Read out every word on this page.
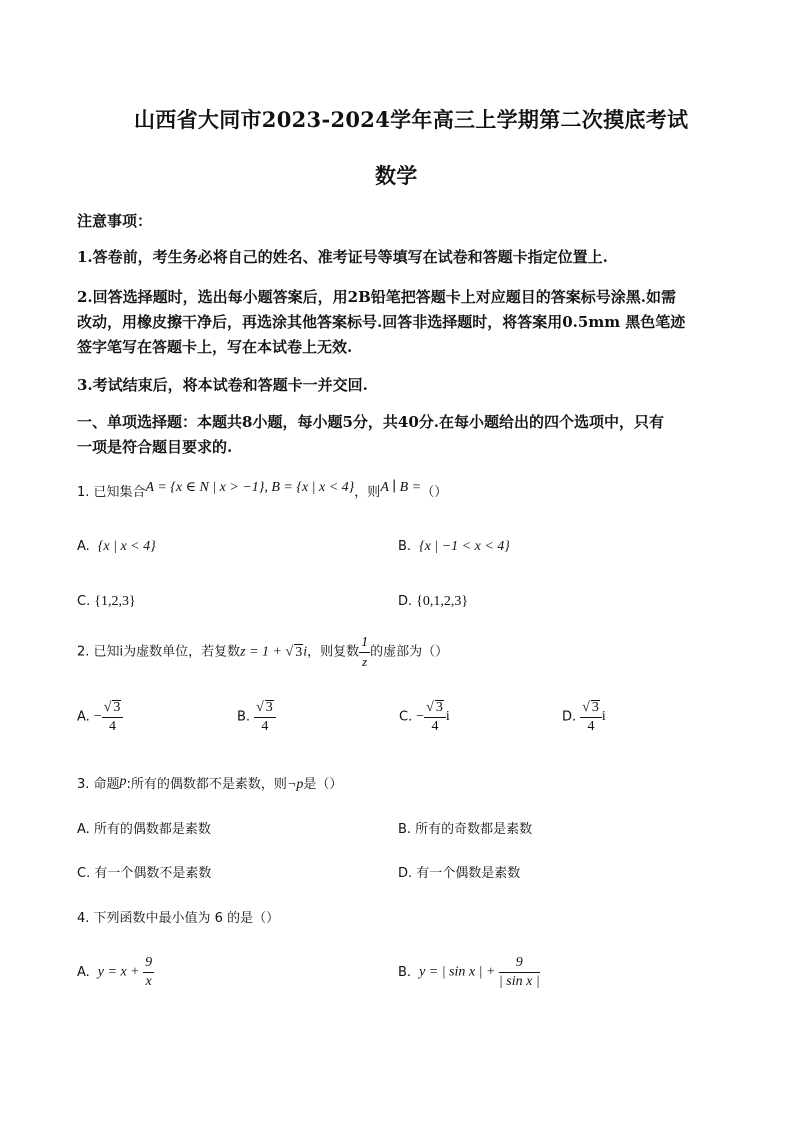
山西省大同市2023-2024学年高三上学期第二次摸底考试
数学
注意事项：
1.答卷前，考生务必将自己的姓名、准考证号等填写在试卷和答题卡指定位置上.
2.回答选择题时，选出每小题答案后，用2B铅笔把答题卡上对应题目的答案标号涂黑.如需
改动，用橡皮擦干净后，再选涂其他答案标号.回答非选择题时，将答案用0.5mm 黑色笔迹
签字笔写在答题卡上，写在本试卷上无效.
3.考试结束后，将本试卷和答题卡一并交回.
一、单项选择题：本题共8小题，每小题5分，共40分.在每小题给出的四个选项中，只有
一项是符合题目要求的.
1. 已知集合A = {x ∈ N | x > −1}, B = {x | x < 4}，则A ∣ B =（）
A. {x | x < 4}	B. {x | −1 < x < 4}
C. {1,2,3}	D. {0,1,2,3}
2. 已知i为虚数单位，若复数z = 1 + √ 3i，则复数 $\frac{1}{z}$ 的虚部为（）
A. − $\frac{√ 3}{4}$	B. $\frac{√ 3}{4}$	C. − $\frac{√ 3}{4}$ i	D. $\frac{√ 3}{4}$ i
3. 命题p:所有的偶数都不是素数，则¬p是（）
A. 所有的偶数都是素数	B. 所有的奇数都是素数
C. 有一个偶数不是素数	D. 有一个偶数是素数
4. 下列函数中最小值为 6 的是（）
A. $y = x + \frac{9}{x}$	B. y = | sin x | + $\frac{9}{\text{| sin x |}}$
